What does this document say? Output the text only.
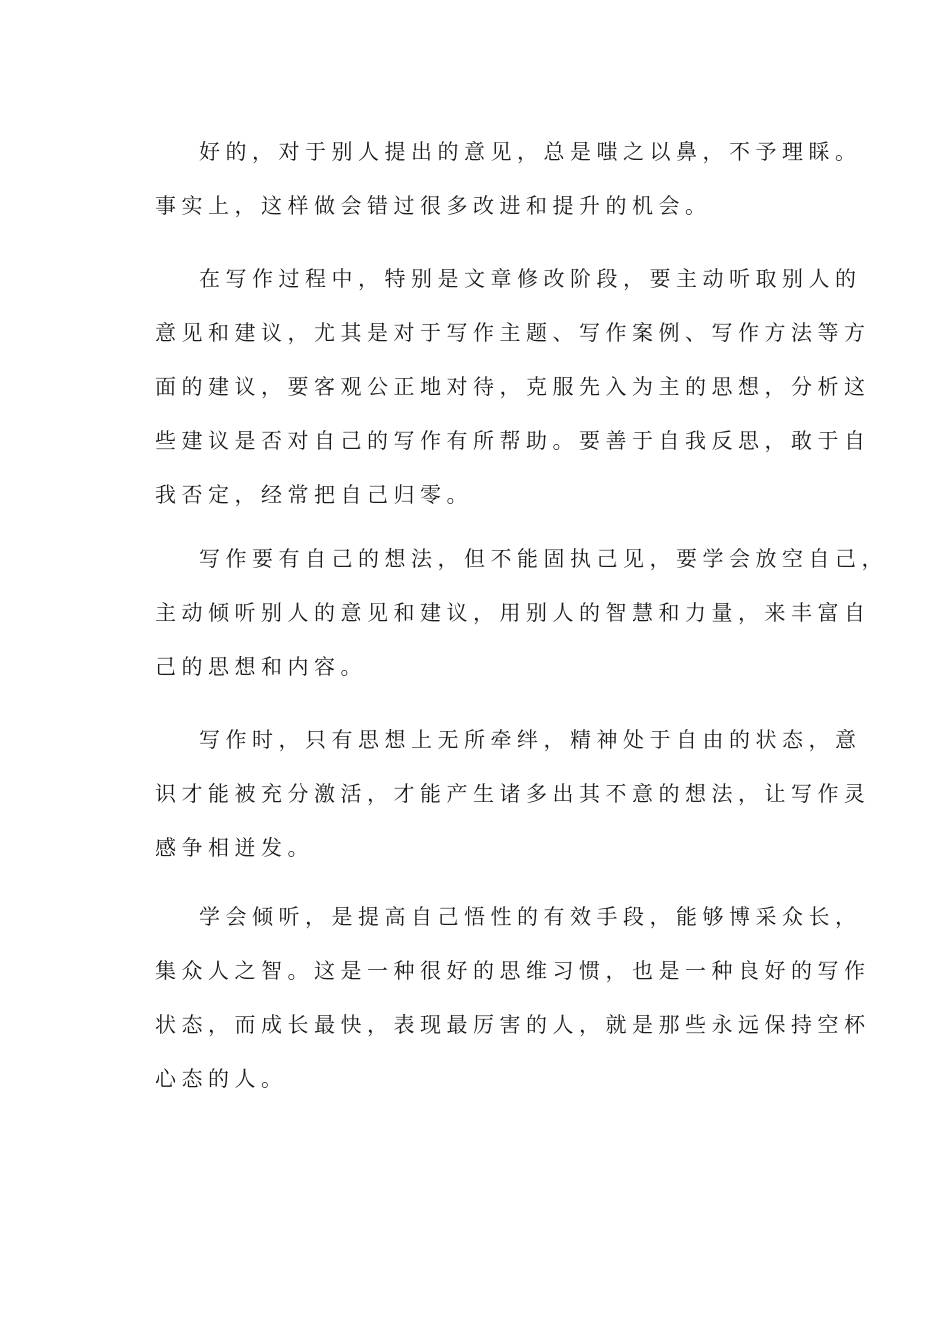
好的，对于别人提出的意见，总是嗤之以鼻，不予理睬。
事实上，这样做会错过很多改进和提升的机会。
在写作过程中，特别是文章修改阶段，要主动听取别人的
意见和建议，尤其是对于写作主题、写作案例、写作方法等方
面的建议，要客观公正地对待，克服先入为主的思想，分析这
些建议是否对自己的写作有所帮助。要善于自我反思，敢于自
我否定，经常把自己归零。
写作要有自己的想法，但不能固执己见，要学会放空自己，
主动倾听别人的意见和建议，用别人的智慧和力量，来丰富自
己的思想和内容。
写作时，只有思想上无所牵绊，精神处于自由的状态，意
识才能被充分激活，才能产生诸多出其不意的想法，让写作灵
感争相迸发。
学会倾听，是提高自己悟性的有效手段，能够博采众长，
集众人之智。这是一种很好的思维习惯，也是一种良好的写作
状态，而成长最快，表现最厉害的人，就是那些永远保持空杯
心态的人。
